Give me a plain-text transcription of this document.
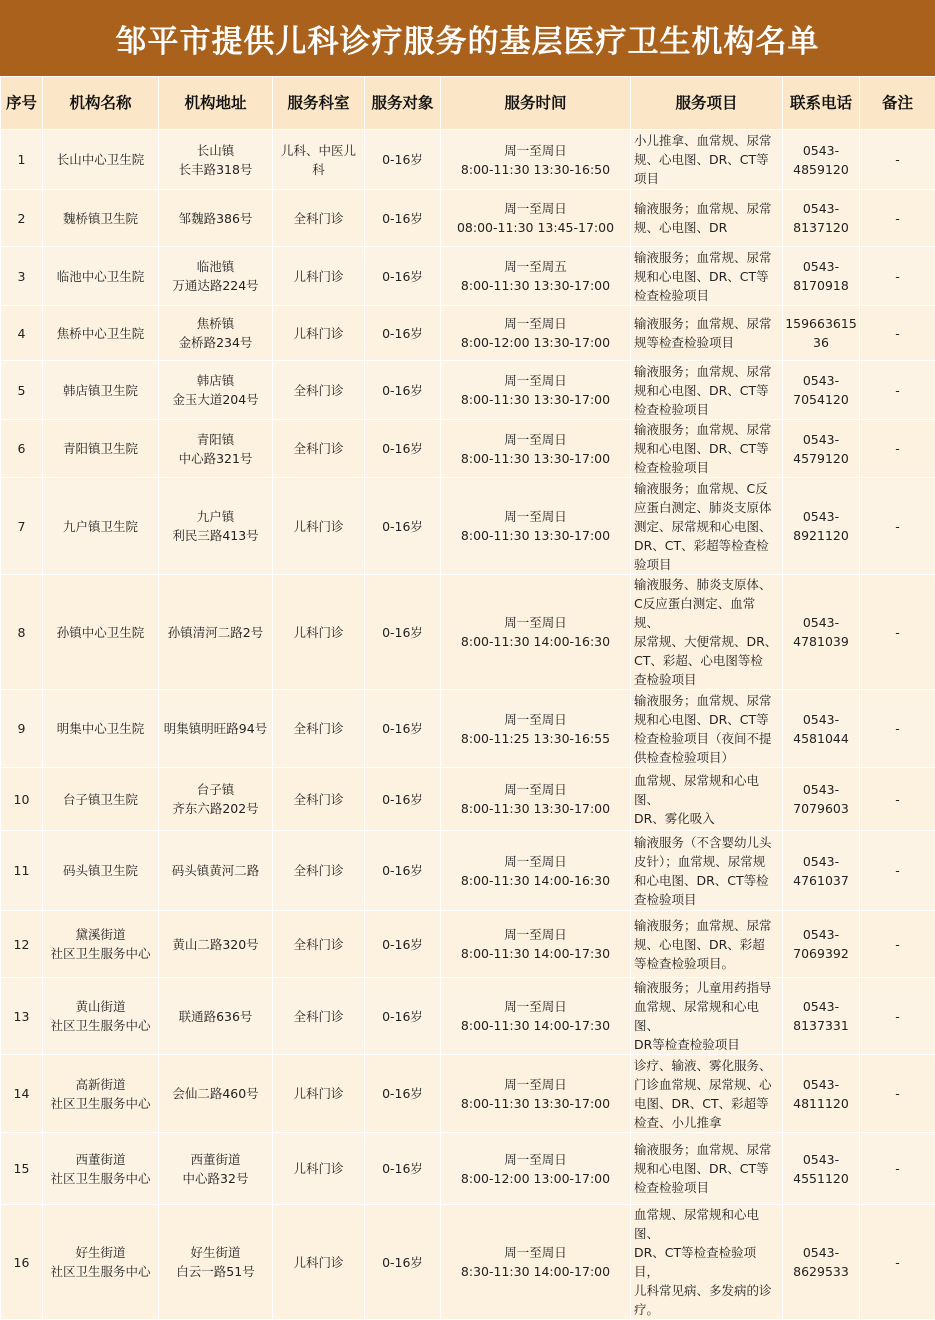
邹平市提供儿科诊疗服务的基层医疗卫生机构名单
序号	机构名称	机构地址	服务科室	服务对象	服务时间	服务项目	联系电话	备注
1	长山中心卫生院	长山镇
长丰路318号	儿科、中医儿
科	0-16岁	周一至周日
8:00-11:30 13:30-16:50	小儿推拿、血常规、尿常
规、心电图、DR、CT等
项目	0543-
4859120	-
2	魏桥镇卫生院	邹魏路386号	全科门诊	0-16岁	周一至周日
08:00-11:30 13:45-17:00	输液服务；血常规、尿常
规、心电图、DR	0543-
8137120	-
3	临池中心卫生院	临池镇
万通达路224号	儿科门诊	0-16岁	周一至周五
8:00-11:30 13:30-17:00	输液服务；血常规、尿常
规和心电图、DR、CT等
检查检验项目	0543-
8170918	-
4	焦桥中心卫生院	焦桥镇
金桥路234号	儿科门诊	0-16岁	周一至周日
8:00-12:00 13:30-17:00	输液服务；血常规、尿常
规等检查检验项目	159663615
36	-
5	韩店镇卫生院	韩店镇
金玉大道204号	全科门诊	0-16岁	周一至周日
8:00-11:30 13:30-17:00	输液服务；血常规、尿常
规和心电图、DR、CT等
检查检验项目	0543-
7054120	-
6	青阳镇卫生院	青阳镇
中心路321号	全科门诊	0-16岁	周一至周日
8:00-11:30 13:30-17:00	输液服务；血常规、尿常
规和心电图、DR、CT等
检查检验项目	0543-
4579120	-
7	九户镇卫生院	九户镇
利民三路413号	儿科门诊	0-16岁	周一至周日
8:00-11:30 13:30-17:00	输液服务；血常规、C反
应蛋白测定、肺炎支原体
测定、尿常规和心电图、
DR、CT、彩超等检查检
验项目	0543-
8921120	-
8	孙镇中心卫生院	孙镇清河二路2号	儿科门诊	0-16岁	周一至周日
8:00-11:30 14:00-16:30	输液服务、肺炎支原体、
C反应蛋白测定、血常规、
尿常规、大便常规、DR、
CT、彩超、心电图等检
查检验项目	0543-
4781039	-
9	明集中心卫生院	明集镇明旺路94号	全科门诊	0-16岁	周一至周日
8:00-11:25 13:30-16:55	输液服务；血常规、尿常
规和心电图、DR、CT等
检查检验项目（夜间不提
供检查检验项目）	0543-
4581044	-
10	台子镇卫生院	台子镇
齐东六路202号	全科门诊	0-16岁	周一至周日
8:00-11:30 13:30-17:00	血常规、尿常规和心电图、
DR、雾化吸入	0543-
7079603	-
11	码头镇卫生院	码头镇黄河二路	全科门诊	0-16岁	周一至周日
8:00-11:30 14:00-16:30	输液服务（不含婴幼儿头
皮针）；血常规、尿常规
和心电图、DR、CT等检
查检验项目	0543-
4761037	-
12	黛溪街道
社区卫生服务中心	黄山二路320号	全科门诊	0-16岁	周一至周日
8:00-11:30 14:00-17:30	输液服务；血常规、尿常
规、心电图、DR、彩超
等检查检验项目。	0543-
7069392	-
13	黄山街道
社区卫生服务中心	联通路636号	全科门诊	0-16岁	周一至周日
8:00-11:30 14:00-17:30	输液服务；儿童用药指导
血常规、尿常规和心电图、
DR等检查检验项目	0543-
8137331	-
14	高新街道
社区卫生服务中心	会仙二路460号	儿科门诊	0-16岁	周一至周日
8:00-11:30 13:30-17:00	诊疗、输液、雾化服务、
门诊血常规、尿常规、心
电图、DR、CT、彩超等
检查、小儿推拿	0543-
4811120	-
15	西董街道
社区卫生服务中心	西董街道
中心路32号	儿科门诊	0-16岁	周一至周日
8:00-12:00 13:00-17:00	输液服务；血常规、尿常
规和心电图、DR、CT等
检查检验项目	0543-
4551120	-
16	好生街道
社区卫生服务中心	好生街道
白云一路51号	儿科门诊	0-16岁	周一至周日
8:30-11:30 14:00-17:00	血常规、尿常规和心电图、
DR、CT等检查检验项目，
儿科常见病、多发病的诊
疗。	0543-
8629533	-
